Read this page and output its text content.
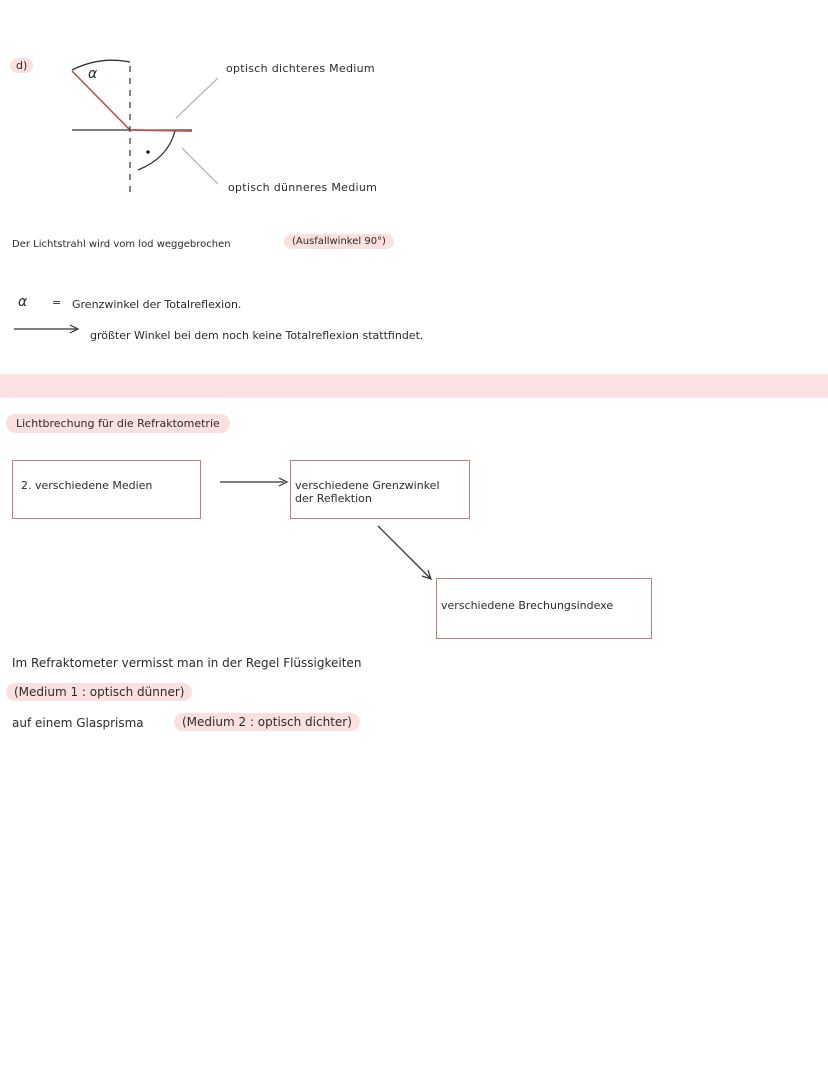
d)
α	optisch dichteres Medium
optisch dünneres Medium
Der Lichtstrahl wird vom lod weggebrochen	(Ausfallwinkel 90°)
α = Grenzwinkel der Totalreflexion.
größter Winkel bei dem noch keine Totalreflexion stattfindet.
Lichtbrechung für die Refraktometrie
2. verschiedene Medien	verschiedene Grenzwinkel
der Reflektion
verschiedene Brechungsindexe
Im Refraktometer vermisst man in der Regel Flüssigkeiten
(Medium 1 : optisch dünner)
auf einem Glasprisma	(Medium 2 : optisch dichter)
